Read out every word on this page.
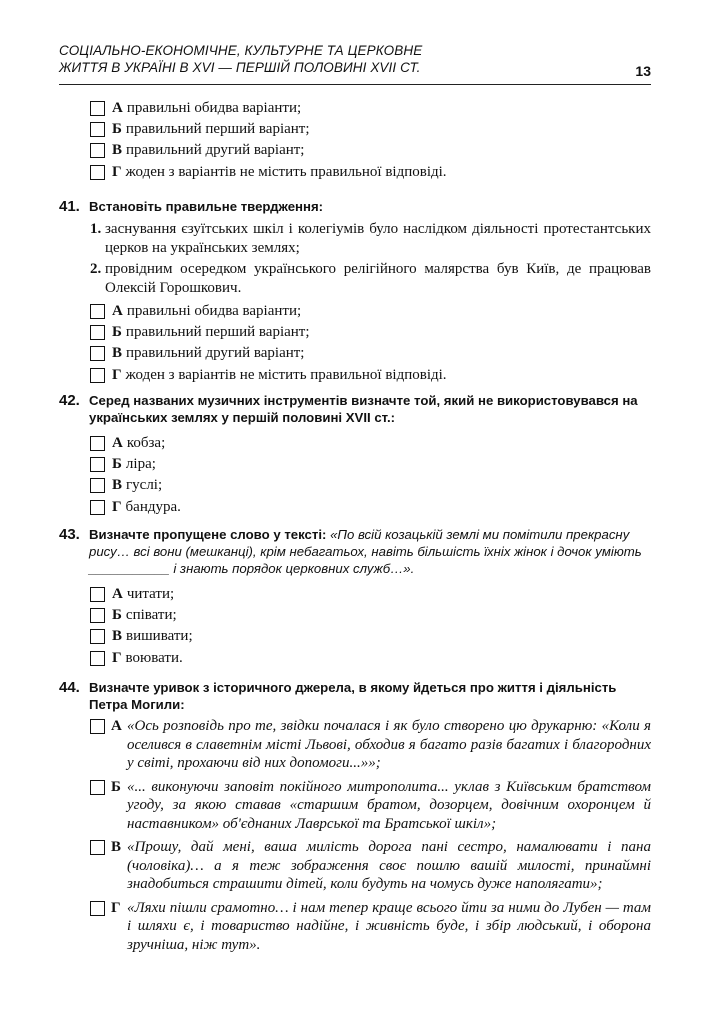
СОЦІАЛЬНО-ЕКОНОМІЧНЕ, КУЛЬТУРНЕ ТА ЦЕРКОВНЕ
ЖИТТЯ В УКРАЇНІ В XVI — ПЕРШІЙ ПОЛОВИНІ XVII СТ.	13
А правильні обидва варіанти;
Б правильний перший варіант;
В правильний другий варіант;
Г жоден з варіантів не містить правильної відповіді.
41. Встановіть правильне твердження:
1. заснування єзуїтських шкіл і колегіумів було наслідком діяльності протестантських церков на українських землях;
2. провідним осередком українського релігійного малярства був Київ, де працював Олексій Горошкович.
А правильні обидва варіанти;
Б правильний перший варіант;
В правильний другий варіант;
Г жоден з варіантів не містить правильної відповіді.
42. Серед названих музичних інструментів визначте той, який не використовувався на українських землях у першій половині XVII ст.:
А кобза;
Б ліра;
В гуслі;
Г бандура.
43. Визначте пропущене слово у тексті: «По всій козацькій землі ми помітили прекрасну рису… всі вони (мешканці), крім небагатьох, навіть більшість їхніх жінок і дочок уміють ___________ і знають порядок церковних служб…».
А читати;
Б співати;
В вишивати;
Г воювати.
44. Визначте уривок з історичного джерела, в якому йдеться про життя і діяльність Петра Могили:
А «Ось розповідь про те, звідки почалася і як було створено цю друкарню: «Коли я оселився в славетнім місті Львові, обходив я багато разів багатих і благородних у світі, прохаючи від них допомоги...»»;
Б «... виконуючи заповіт покійного митрополита... уклав з Київським братством угоду, за якою ставав «старшим братом, дозорцем, довічним охоронцем й наставником» об'єднаних Лаврської та Братської шкіл»;
В «Прошу, дай мені, ваша милість дорога пані сестро, намалювати і пана (чоловіка)… а я теж зображення своє пошлю вашій милості, принаймні знадобиться страшити дітей, коли будуть на чомусь дуже наполягати»;
Г «Ляхи пішли срамотно… і нам тепер краще всього йти за ними до Лубен — там і шляхи є, і товариство надійне, і живність буде, і збір людський, і оборона зручніша, ніж тут».
